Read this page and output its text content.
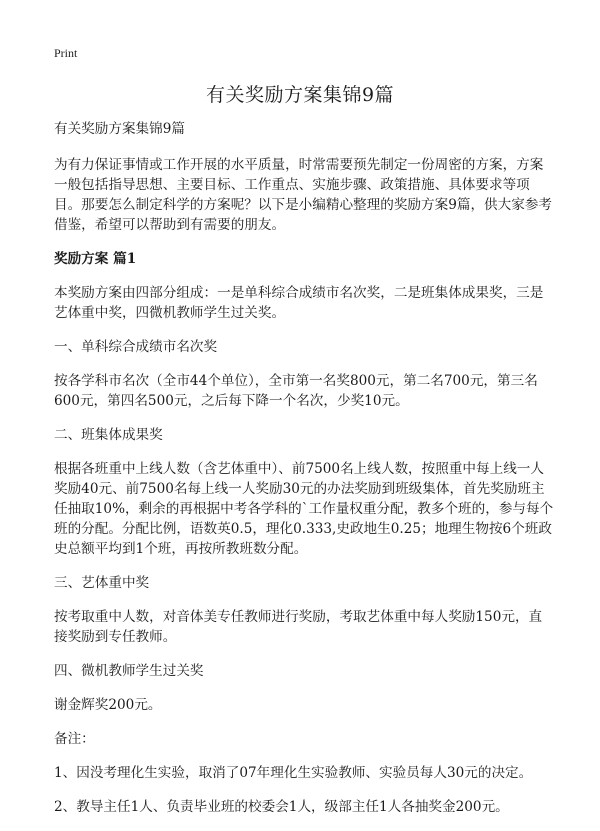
Print
有关奖励方案集锦9篇

有关奖励方案集锦9篇

为有力保证事情或工作开展的水平质量，时常需要预先制定一份周密的方案，方案一般包括指导思想、主要目标、工作重点、实施步骤、政策措施、具体要求等项目。那要怎么制定科学的方案呢？以下是小编精心整理的奖励方案9篇，供大家参考借鉴，希望可以帮助到有需要的朋友。

奖励方案 篇1

本奖励方案由四部分组成：一是单科综合成绩市名次奖，二是班集体成果奖，三是艺体重中奖，四微机教师学生过关奖。

一、单科综合成绩市名次奖

按各学科市名次（全市44个单位），全市第一名奖800元，第二名700元，第三名600元，第四名500元，之后每下降一个名次，少奖10元。

二、班集体成果奖

根据各班重中上线人数（含艺体重中）、前7500名上线人数，按照重中每上线一人奖励40元、前7500名每上线一人奖励30元的办法奖励到班级集体，首先奖励班主任抽取10%，剩余的再根据中考各学科的`工作量权重分配，教多个班的，参与每个班的分配。分配比例，语数英0.5，理化0.333,史政地生0.25；地理生物按6个班政史总额平均到1个班，再按所教班数分配。

三、艺体重中奖

按考取重中人数，对音体美专任教师进行奖励，考取艺体重中每人奖励150元，直接奖励到专任教师。

四、微机教师学生过关奖

谢金辉奖200元。

备注：

1、因没考理化生实验，取消了07年理化生实验教师、实验员每人30元的决定。

2、教导主任1人、负责毕业班的校委会1人，级部主任1人各抽奖金200元。
